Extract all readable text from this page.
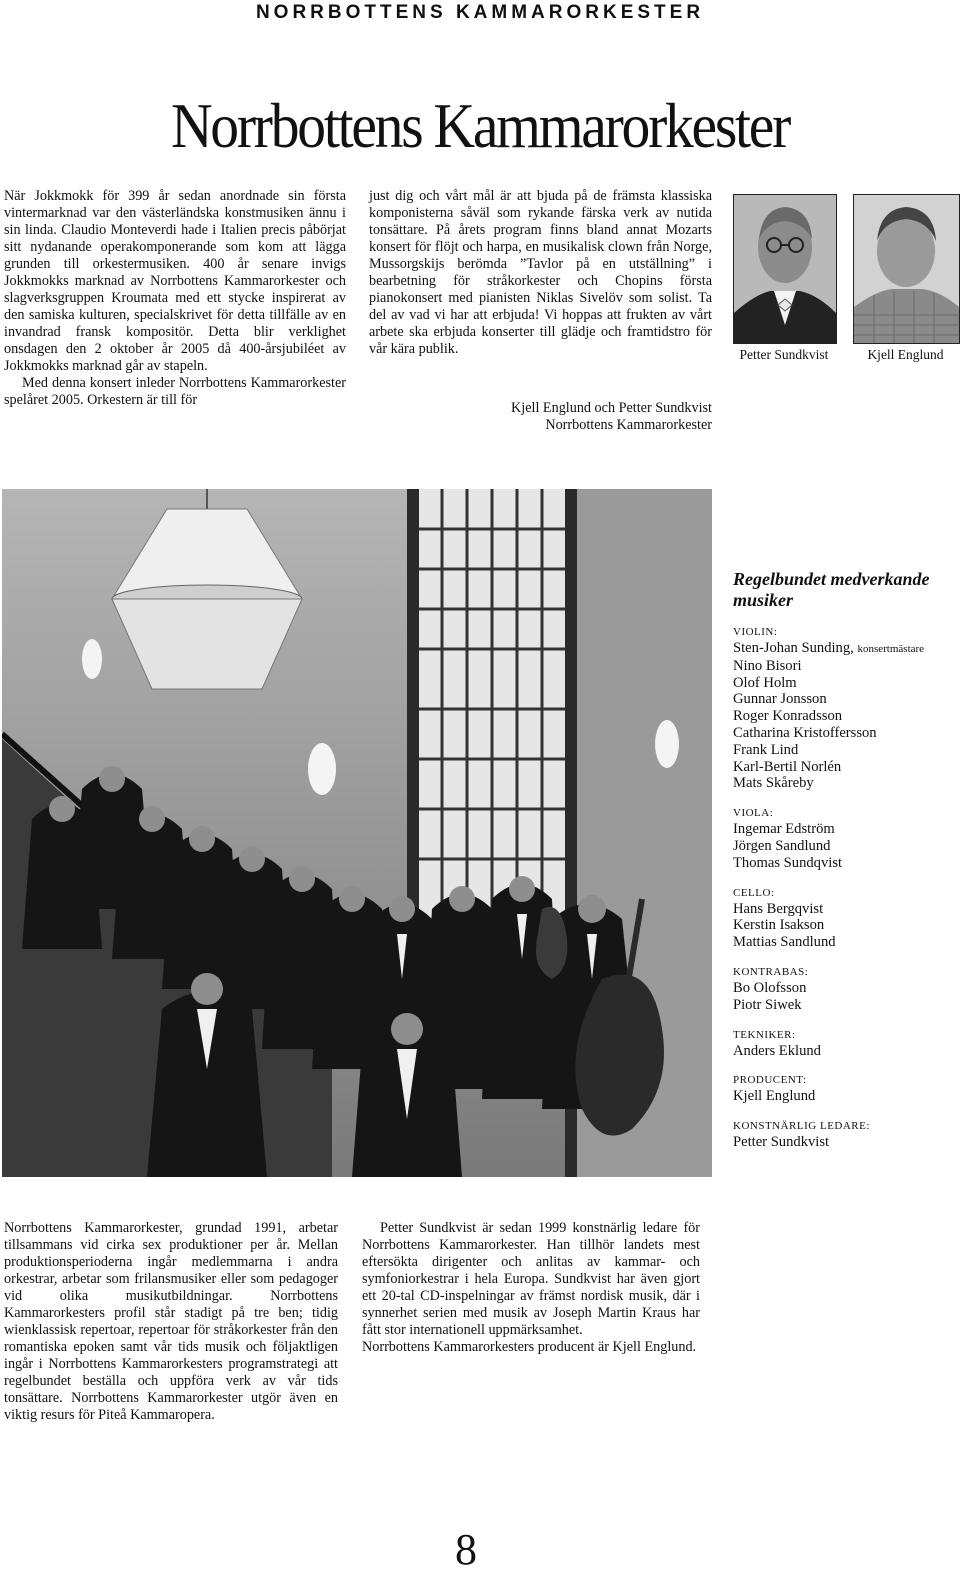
NORRBOTTENS KAMMARORKESTER
Norrbottens Kammarorkester

När Jokkmokk för 399 år sedan anordnade sin första vintermarknad var den västerländska konstmusiken ännu i sin linda. Claudio Monteverdi hade i Italien precis påbörjat sitt nydanande operakomponerande som kom att lägga grunden till orkestermusiken. 400 år senare invigs Jokkmokks marknad av Norrbottens Kammarorkester och slagverksgruppen Kroumata med ett stycke inspirerat av den samiska kulturen, specialskrivet för detta tillfälle av en invandrad fransk kompositör. Detta blir verklighet onsdagen den 2 oktober år 2005 då 400-årsjubiléet av Jokkmokks marknad går av stapeln.

Med denna konsert inleder Norrbottens Kammarorkester spelåret 2005. Orkestern är till för

just dig och vårt mål är att bjuda på de främsta klassiska komponisterna såväl som rykande färska verk av nutida tonsättare. På årets program finns bland annat Mozarts konsert för flöjt och harpa, en musikalisk clown från Norge, Mussorgskijs berömda ”Tavlor på en utställning” i bearbetning för stråkorkester och Chopins första pianokonsert med pianisten Niklas Sivelöv som solist. Ta del av vad vi har att erbjuda! Vi hoppas att frukten av vårt arbete ska erbjuda konserter till glädje och framtidstro för vår kära publik.

Kjell Englund och Petter Sundkvist
Norrbottens Kammarorkester
Petter Sundkvist	Kjell Englund
Regelbundet medverkande musiker
VIOLIN:
Sten-Johan Sunding, konsertmästare
Nino Bisori
Olof Holm
Gunnar Jonsson
Roger Konradsson
Catharina Kristoffersson
Frank Lind
Karl-Bertil Norlén
Mats Skåreby
VIOLA:
Ingemar Edström
Jörgen Sandlund
Thomas Sundqvist
CELLO:
Hans Bergqvist
Kerstin Isakson
Mattias Sandlund
KONTRABAS:
Bo Olofsson
Piotr Siwek
TEKNIKER:
Anders Eklund
PRODUCENT:
Kjell Englund
KONSTNÄRLIG LEDARE:
Petter Sundkvist

Norrbottens Kammarorkester, grundad 1991, arbetar tillsammans vid cirka sex produktioner per år. Mellan produktionsperioderna ingår medlemmarna i andra orkestrar, arbetar som frilansmusiker eller som pedagoger vid olika musikutbildningar. Norrbottens Kammarorkesters profil står stadigt på tre ben; tidig wienklassisk repertoar, repertoar för stråkorkester från den romantiska epoken samt vår tids musik och följaktligen ingår i Norrbottens Kammarorkesters programstrategi att regelbundet beställa och uppföra verk av vår tids tonsättare. Norrbottens Kammarorkester utgör även en viktig resurs för Piteå Kammaropera.

Petter Sundkvist är sedan 1999 konstnärlig ledare för Norrbottens Kammarorkester. Han tillhör landets mest eftersökta dirigenter och anlitas av kammar- och symfoniorkestrar i hela Europa. Sundkvist har även gjort ett 20-tal CD-inspelningar av främst nordisk musik, där i synnerhet serien med musik av Joseph Martin Kraus har fått stor internationell uppmärksamhet.

Norrbottens Kammarorkesters producent är Kjell Englund.

8
